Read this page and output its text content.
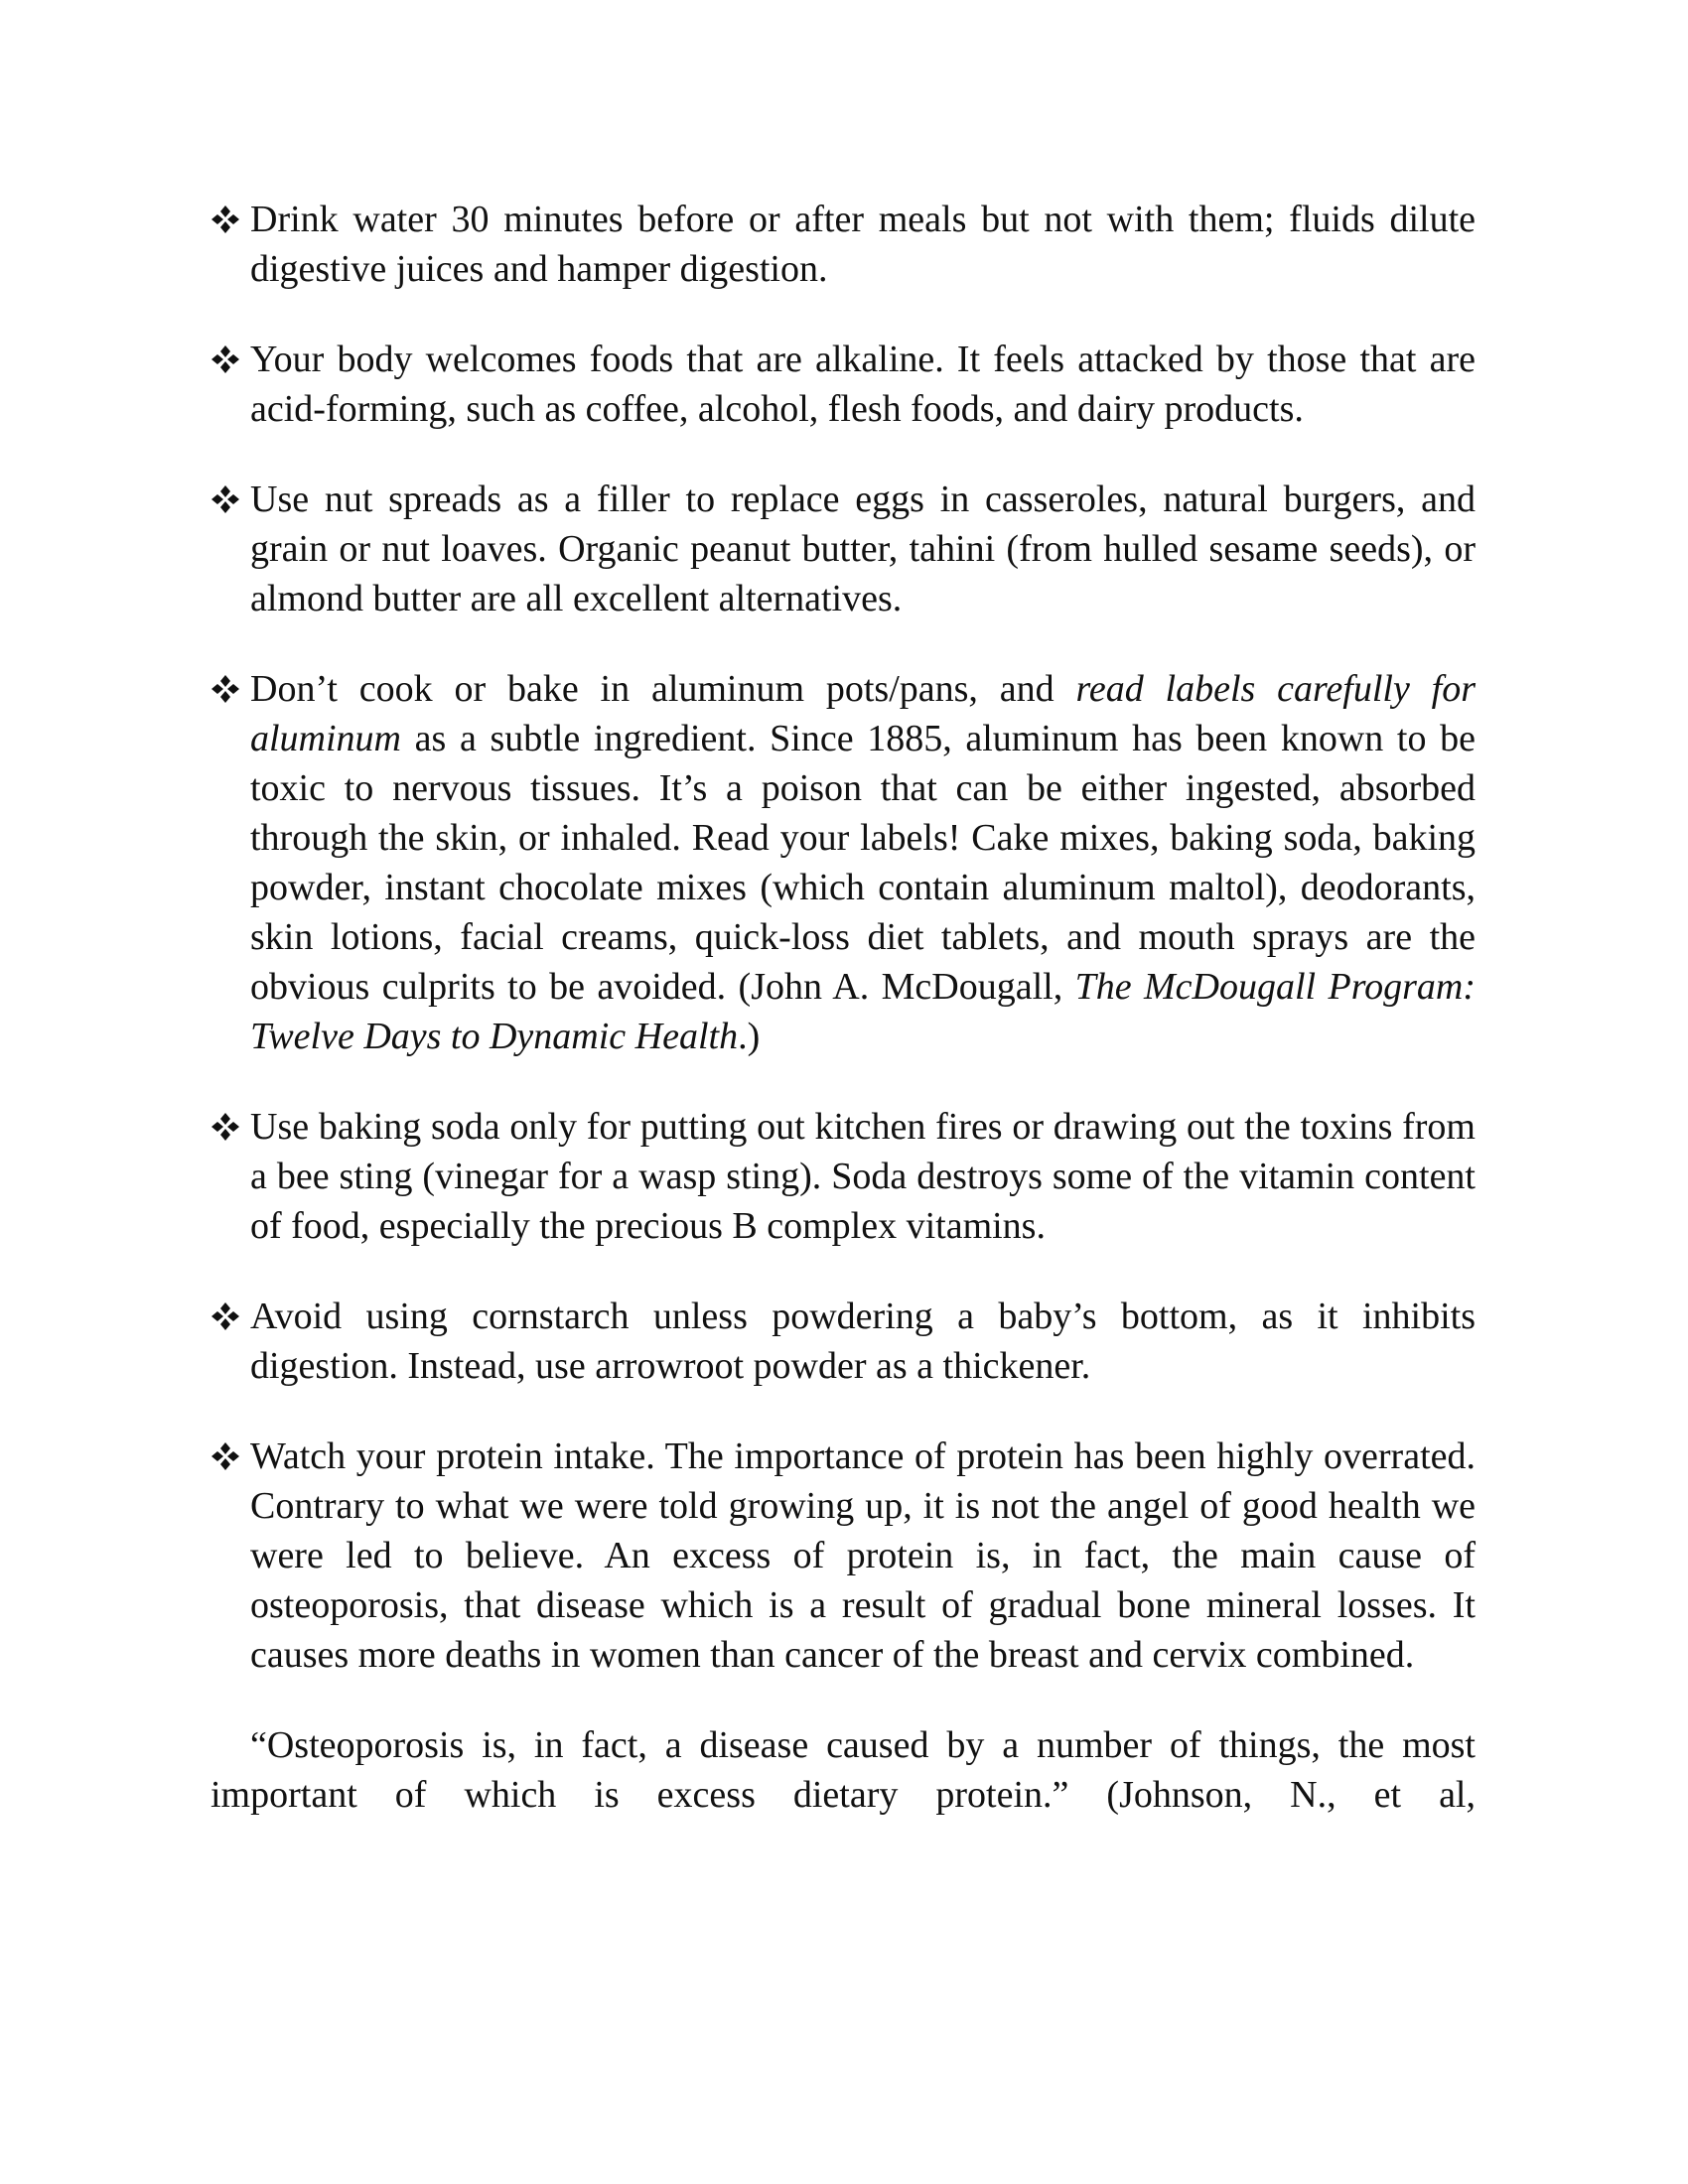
Drink water 30 minutes before or after meals but not with them; fluids dilute digestive juices and hamper digestion.
Your body welcomes foods that are alkaline. It feels attacked by those that are acid-forming, such as coffee, alcohol, flesh foods, and dairy products.
Use nut spreads as a filler to replace eggs in casseroles, natural burgers, and grain or nut loaves. Organic peanut butter, tahini (from hulled sesame seeds), or almond butter are all excellent alternatives.
Don’t cook or bake in aluminum pots/pans, and read labels carefully for aluminum as a subtle ingredient. Since 1885, aluminum has been known to be toxic to nervous tissues. It’s a poison that can be either ingested, absorbed through the skin, or inhaled. Read your labels! Cake mixes, baking soda, baking powder, instant chocolate mixes (which contain aluminum maltol), deodorants, skin lotions, facial creams, quick-loss diet tablets, and mouth sprays are the obvious culprits to be avoided. (John A. McDougall, The McDougall Program: Twelve Days to Dynamic Health.)
Use baking soda only for putting out kitchen fires or drawing out the toxins from a bee sting (vinegar for a wasp sting). Soda destroys some of the vitamin content of food, especially the precious B complex vitamins.
Avoid using cornstarch unless powdering a baby’s bottom, as it inhibits digestion. Instead, use arrowroot powder as a thickener.
Watch your protein intake. The importance of protein has been highly overrated. Contrary to what we were told growing up, it is not the angel of good health we were led to believe. An excess of protein is, in fact, the main cause of osteoporosis, that disease which is a result of gradual bone mineral losses. It causes more deaths in women than cancer of the breast and cervix combined.

“Osteoporosis is, in fact, a disease caused by a number of things, the most important of which is excess dietary protein.” (Johnson, N., et al,
